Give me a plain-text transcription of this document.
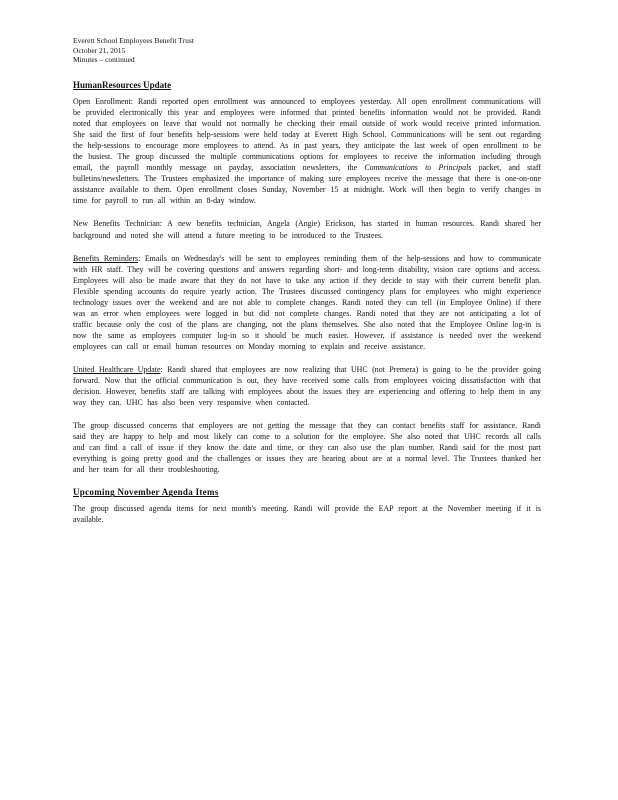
Everett School Employees Benefit Trust
October 21, 2015
Minutes – continued
HumanResources Update

Open Enrollment: Randi reported open enrollment was announced to employees yesterday. All open enrollment communications will be provided electronically this year and employees were informed that printed benefits information would not be provided. Randi noted that employees on leave that would not normally be checking their email outside of work would receive printed information. She said the first of four benefits help-sessions were held today at Everett High School. Communications will be sent out regarding the help-sessions to encourage more employees to attend. As in past years, they anticipate the last week of open enrollment to be the busiest. The group discussed the multiple communications options for employees to receive the information including through email, the payroll monthly message on payday, association newsletters, the Communications to Principals packet, and staff bulletins/newsletters. The Trustees emphasized the importance of making sure employees receive the message that there is one-on-one assistance available to them. Open enrollment closes Sunday, November 15 at midnight. Work will then begin to verify changes in time for payroll to run all within an 8-day window.

New Benefits Technician: A new benefits technician, Angela (Angie) Erickson, has started in human resources. Randi shared her background and noted she will attend a future meeting to be introduced to the Trustees.

Benefits Reminders: Emails on Wednesday's will be sent to employees reminding them of the help-sessions and how to communicate with HR staff. They will be covering questions and answers regarding short- and long-term disability, vision care options and access. Employees will also be made aware that they do not have to take any action if they decide to stay with their current benefit plan. Flexible spending accounts do require yearly action. The Trustees discussed contingency plans for employees who might experience technology issues over the weekend and are not able to complete changes. Randi noted they can tell (in Employee Online) if there was an error when employees were logged in but did not complete changes. Randi noted that they are not anticipating a lot of traffic because only the cost of the plans are changing, not the plans themselves. She also noted that the Employee Online log-in is now the same as employees computer log-in so it should be much easier. However, if assistance is needed over the weekend employees can call or email human resources on Monday morning to explain and receive assistance.

United Healthcare Update: Randi shared that employees are now realizing that UHC (not Premera) is going to be the provider going forward. Now that the official communication is out, they have received some calls from employees voicing dissatisfaction with that decision. However, benefits staff are talking with employees about the issues they are experiencing and offering to help them in any way they can. UHC has also been very responsive when contacted.

The group discussed concerns that employees are not getting the message that they can contact benefits staff for assistance. Randi said they are happy to help and most likely can come to a solution for the employee. She also noted that UHC records all calls and can find a call of issue if they know the date and time, or they can also use the plan number. Randi said for the most part everything is going pretty good and the challenges or issues they are hearing about are at a normal level. The Trustees thanked her and her team for all their troubleshooting.

Upcoming November Agenda Items

The group discussed agenda items for next month's meeting. Randi will provide the EAP report at the November meeting if it is available.
